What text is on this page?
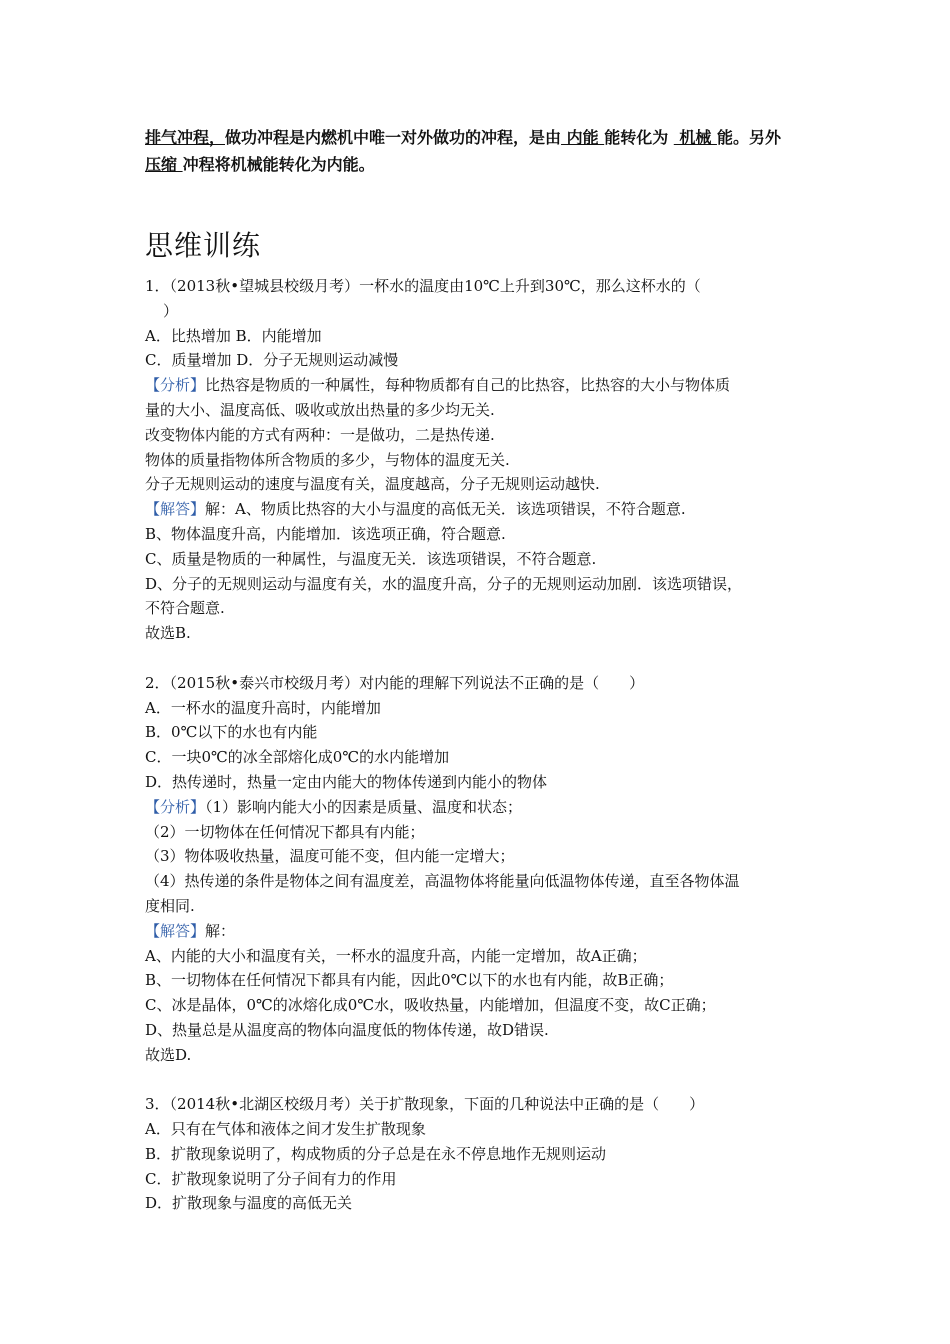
排气冲程，做功冲程是内燃机中唯一对外做功的冲程，是由 内能 能转化为  机械 能。另外
压缩 冲程将机械能转化为内能。
思维训练
1．（2013秋•望城县校级月考）一杯水的温度由10℃上升到30℃，那么这杯水的（
）
A．比热增加 B．内能增加
C．质量增加 D．分子无规则运动减慢
【分析】比热容是物质的一种属性，每种物质都有自己的比热容，比热容的大小与物体质
量的大小、温度高低、吸收或放出热量的多少均无关.
改变物体内能的方式有两种：一是做功，二是热传递.
物体的质量指物体所含物质的多少，与物体的温度无关.
分子无规则运动的速度与温度有关，温度越高，分子无规则运动越快.
【解答】解：A、物质比热容的大小与温度的高低无关．该选项错误，不符合题意.
B、物体温度升高，内能增加．该选项正确，符合题意.
C、质量是物质的一种属性，与温度无关．该选项错误，不符合题意.
D、分子的无规则运动与温度有关，水的温度升高，分子的无规则运动加剧．该选项错误，
不符合题意.
故选B.
2．（2015秋•泰兴市校级月考）对内能的理解下列说法不正确的是（　　）
A．一杯水的温度升高时，内能增加
B．0℃以下的水也有内能
C．一块0℃的冰全部熔化成0℃的水内能增加
D．热传递时，热量一定由内能大的物体传递到内能小的物体
【分析】（1）影响内能大小的因素是质量、温度和状态；
（2）一切物体在任何情况下都具有内能；
（3）物体吸收热量，温度可能不变，但内能一定增大；
（4）热传递的条件是物体之间有温度差，高温物体将能量向低温物体传递，直至各物体温
度相同.
【解答】解：
A、内能的大小和温度有关，一杯水的温度升高，内能一定增加，故A正确；
B、一切物体在任何情况下都具有内能，因此0℃以下的水也有内能，故B正确；
C、冰是晶体，0℃的冰熔化成0℃水，吸收热量，内能增加，但温度不变，故C正确；
D、热量总是从温度高的物体向温度低的物体传递，故D错误.
故选D.
3．（2014秋•北湖区校级月考）关于扩散现象，下面的几种说法中正确的是（　　）
A．只有在气体和液体之间才发生扩散现象
B．扩散现象说明了，构成物质的分子总是在永不停息地作无规则运动
C．扩散现象说明了分子间有力的作用
D．扩散现象与温度的高低无关
